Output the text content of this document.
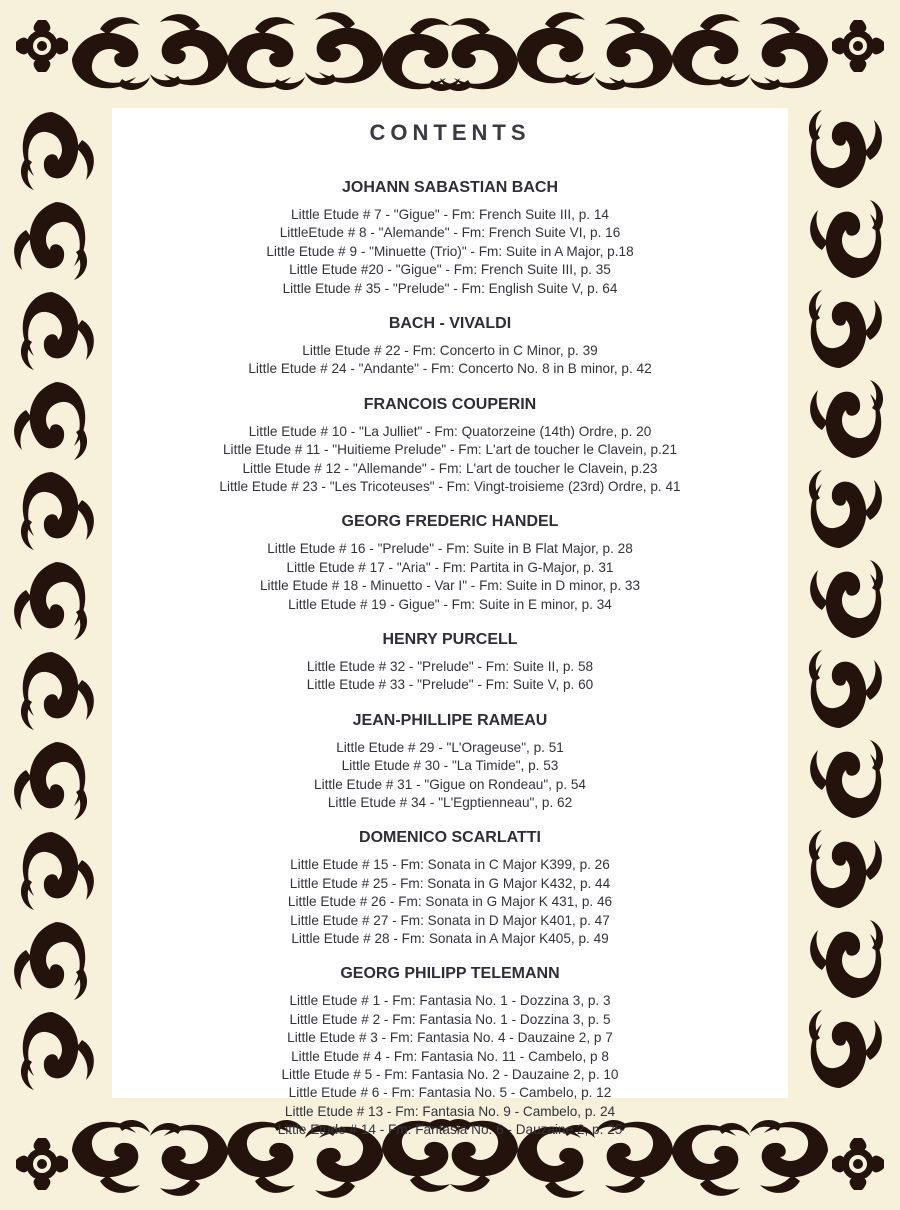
CONTENTS
JOHANN SABASTIAN BACH

Little Etude # 7 - "Gigue" - Fm: French Suite III, p. 14

LittleEtude # 8 - "Alemande" - Fm: French Suite VI, p. 16

Little Etude # 9 - "Minuette (Trio)" - Fm: Suite in A Major, p.18

Little Etude #20 - "Gigue" - Fm: French Suite III, p. 35

Little Etude # 35 - "Prelude" - Fm: English Suite V, p. 64

BACH - VIVALDI

Little Etude # 22 - Fm: Concerto in C Minor, p. 39

Little Etude # 24 - "Andante" - Fm: Concerto No. 8 in B minor, p. 42

FRANCOIS COUPERIN

Little Etude # 10 - "La Julliet" - Fm: Quatorzeine (14th) Ordre, p. 20

Little Etude # 11 - "Huitieme Prelude" - Fm: L'art de toucher le Clavein, p.21

Little Etude # 12 - "Allemande" - Fm: L'art de toucher le Clavein, p.23

Little Etude # 23 - "Les Tricoteuses" - Fm: Vingt-troisieme (23rd) Ordre, p. 41

GEORG FREDERIC HANDEL

Little Etude # 16 - "Prelude" - Fm: Suite in B Flat Major, p. 28

Little Etude # 17 - "Aria" - Fm: Partita in G-Major, p. 31

Little Etude # 18 - Minuetto - Var I" - Fm: Suite in D minor, p. 33

Little Etude # 19 - Gigue" - Fm: Suite in E minor, p. 34

HENRY PURCELL

Little Etude # 32 - "Prelude" - Fm: Suite II, p. 58

Little Etude # 33 - "Prelude" - Fm: Suite V, p. 60

JEAN-PHILLIPE RAMEAU

Little Etude # 29 - "L'Orageuse", p. 51

Little Etude # 30 - "La Timide", p. 53

Little Etude # 31 - "Gigue on Rondeau", p. 54

Little Etude # 34 - "L'Egptienneau", p. 62

DOMENICO SCARLATTI

Little Etude # 15 - Fm: Sonata in C Major K399, p. 26

Little Etude # 25 - Fm: Sonata in G Major K432, p. 44

Little Etude # 26 - Fm: Sonata in G Major K 431, p. 46

Little Etude # 27 - Fm: Sonata in D Major K401, p. 47

Little Etude # 28 - Fm: Sonata in A Major K405, p. 49

GEORG PHILIPP TELEMANN

Little Etude # 1 - Fm: Fantasia No. 1 - Dozzina 3, p. 3

Little Etude # 2 - Fm: Fantasia No. 1 - Dozzina 3, p. 5

Little Etude # 3 - Fm: Fantasia No. 4 - Dauzaine 2, p 7

Little Etude # 4 - Fm: Fantasia No. 11 - Cambelo, p 8

Little Etude # 5 - Fm: Fantasia No. 2 - Dauzaine 2, p. 10

Little Etude # 6 - Fm: Fantasia No. 5 - Cambelo, p. 12

Little Etude # 13 - Fm: Fantasia No. 9 - Cambelo, p. 24

Little Etude # 14 - Fm: Fantasia No. 6 - Dauzaine 2, p. 25
